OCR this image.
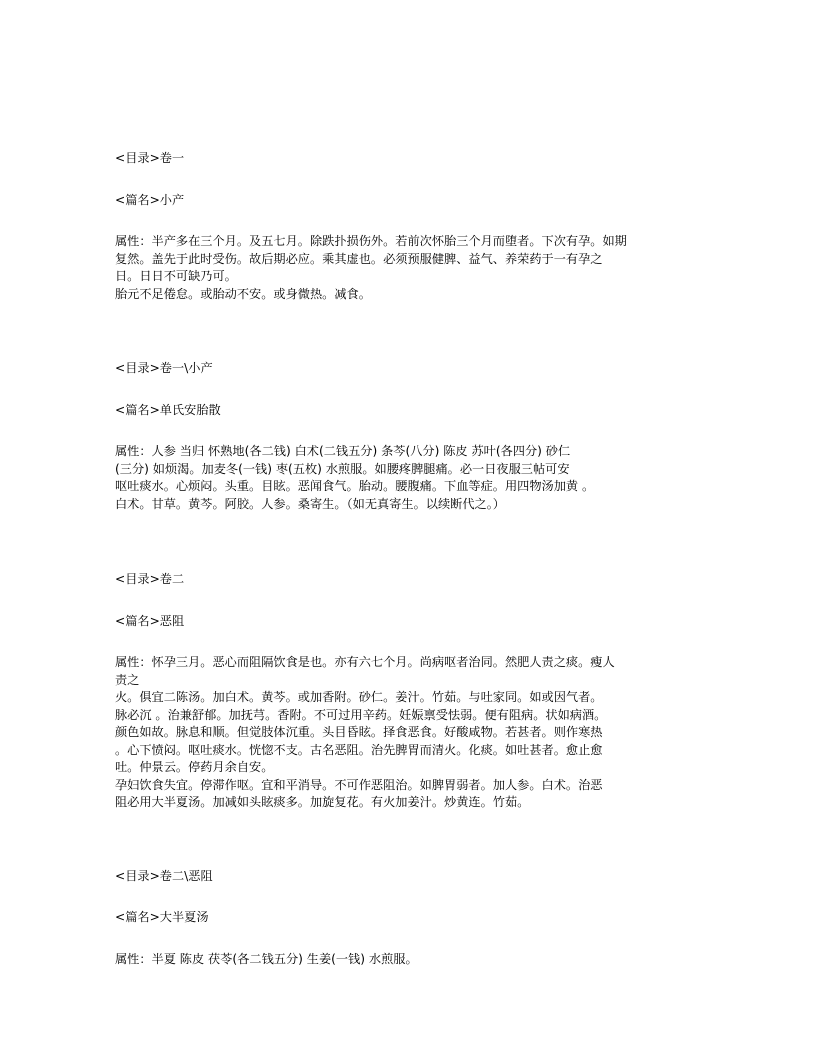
<目录>卷一
<篇名>小产
属性：半产多在三个月。及五七月。除跌扑损伤外。若前次怀胎三个月而堕者。下次有孕。如期
复然。盖先于此时受伤。故后期必应。乘其虚也。必须预服健脾、益气、养荣药于一有孕之
日。日日不可缺乃可。
胎元不足倦怠。或胎动不安。或身微热。减食。
<目录>卷一\小产
<篇名>单氏安胎散
属性：人参 当归 怀熟地(各二钱) 白术(二钱五分) 条芩(八分) 陈皮 苏叶(各四分) 砂仁
(三分) 如烦渴。加麦冬(一钱) 枣(五枚) 水煎服。如腰疼脾腿痛。必一日夜服三帖可安
呕吐痰水。心烦闷。头重。目眩。恶闻食气。胎动。腰腹痛。下血等症。用四物汤加黄 。
白术。甘草。黄芩。阿胶。人参。桑寄生。（如无真寄生。以续断代之。）
<目录>卷二
<篇名>恶阻
属性：怀孕三月。恶心而阻隔饮食是也。亦有六七个月。尚病呕者治同。然肥人责之痰。瘦人
责之
火。俱宜二陈汤。加白术。黄芩。或加香附。砂仁。姜汁。竹茹。与吐家同。如或因气者。
脉必沉 。治兼舒郁。加抚芎。香附。不可过用辛药。妊娠禀受怯弱。便有阻病。状如病酒。
颜色如故。脉息和顺。但觉肢体沉重。头目昏眩。择食恶食。好酸咸物。若甚者。则作寒热
。心下愤闷。呕吐痰水。恍惚不支。古名恶阻。治先脾胃而清火。化痰。如吐甚者。愈止愈
吐。仲景云。停药月余自安。
孕妇饮食失宜。停滞作呕。宜和平消导。不可作恶阻治。如脾胃弱者。加人参。白术。治恶
阻必用大半夏汤。加减如头眩痰多。加旋复花。有火加姜汁。炒黄连。竹茹。
<目录>卷二\恶阻
<篇名>大半夏汤
属性：半夏 陈皮 茯苓(各二钱五分) 生姜(一钱) 水煎服。
